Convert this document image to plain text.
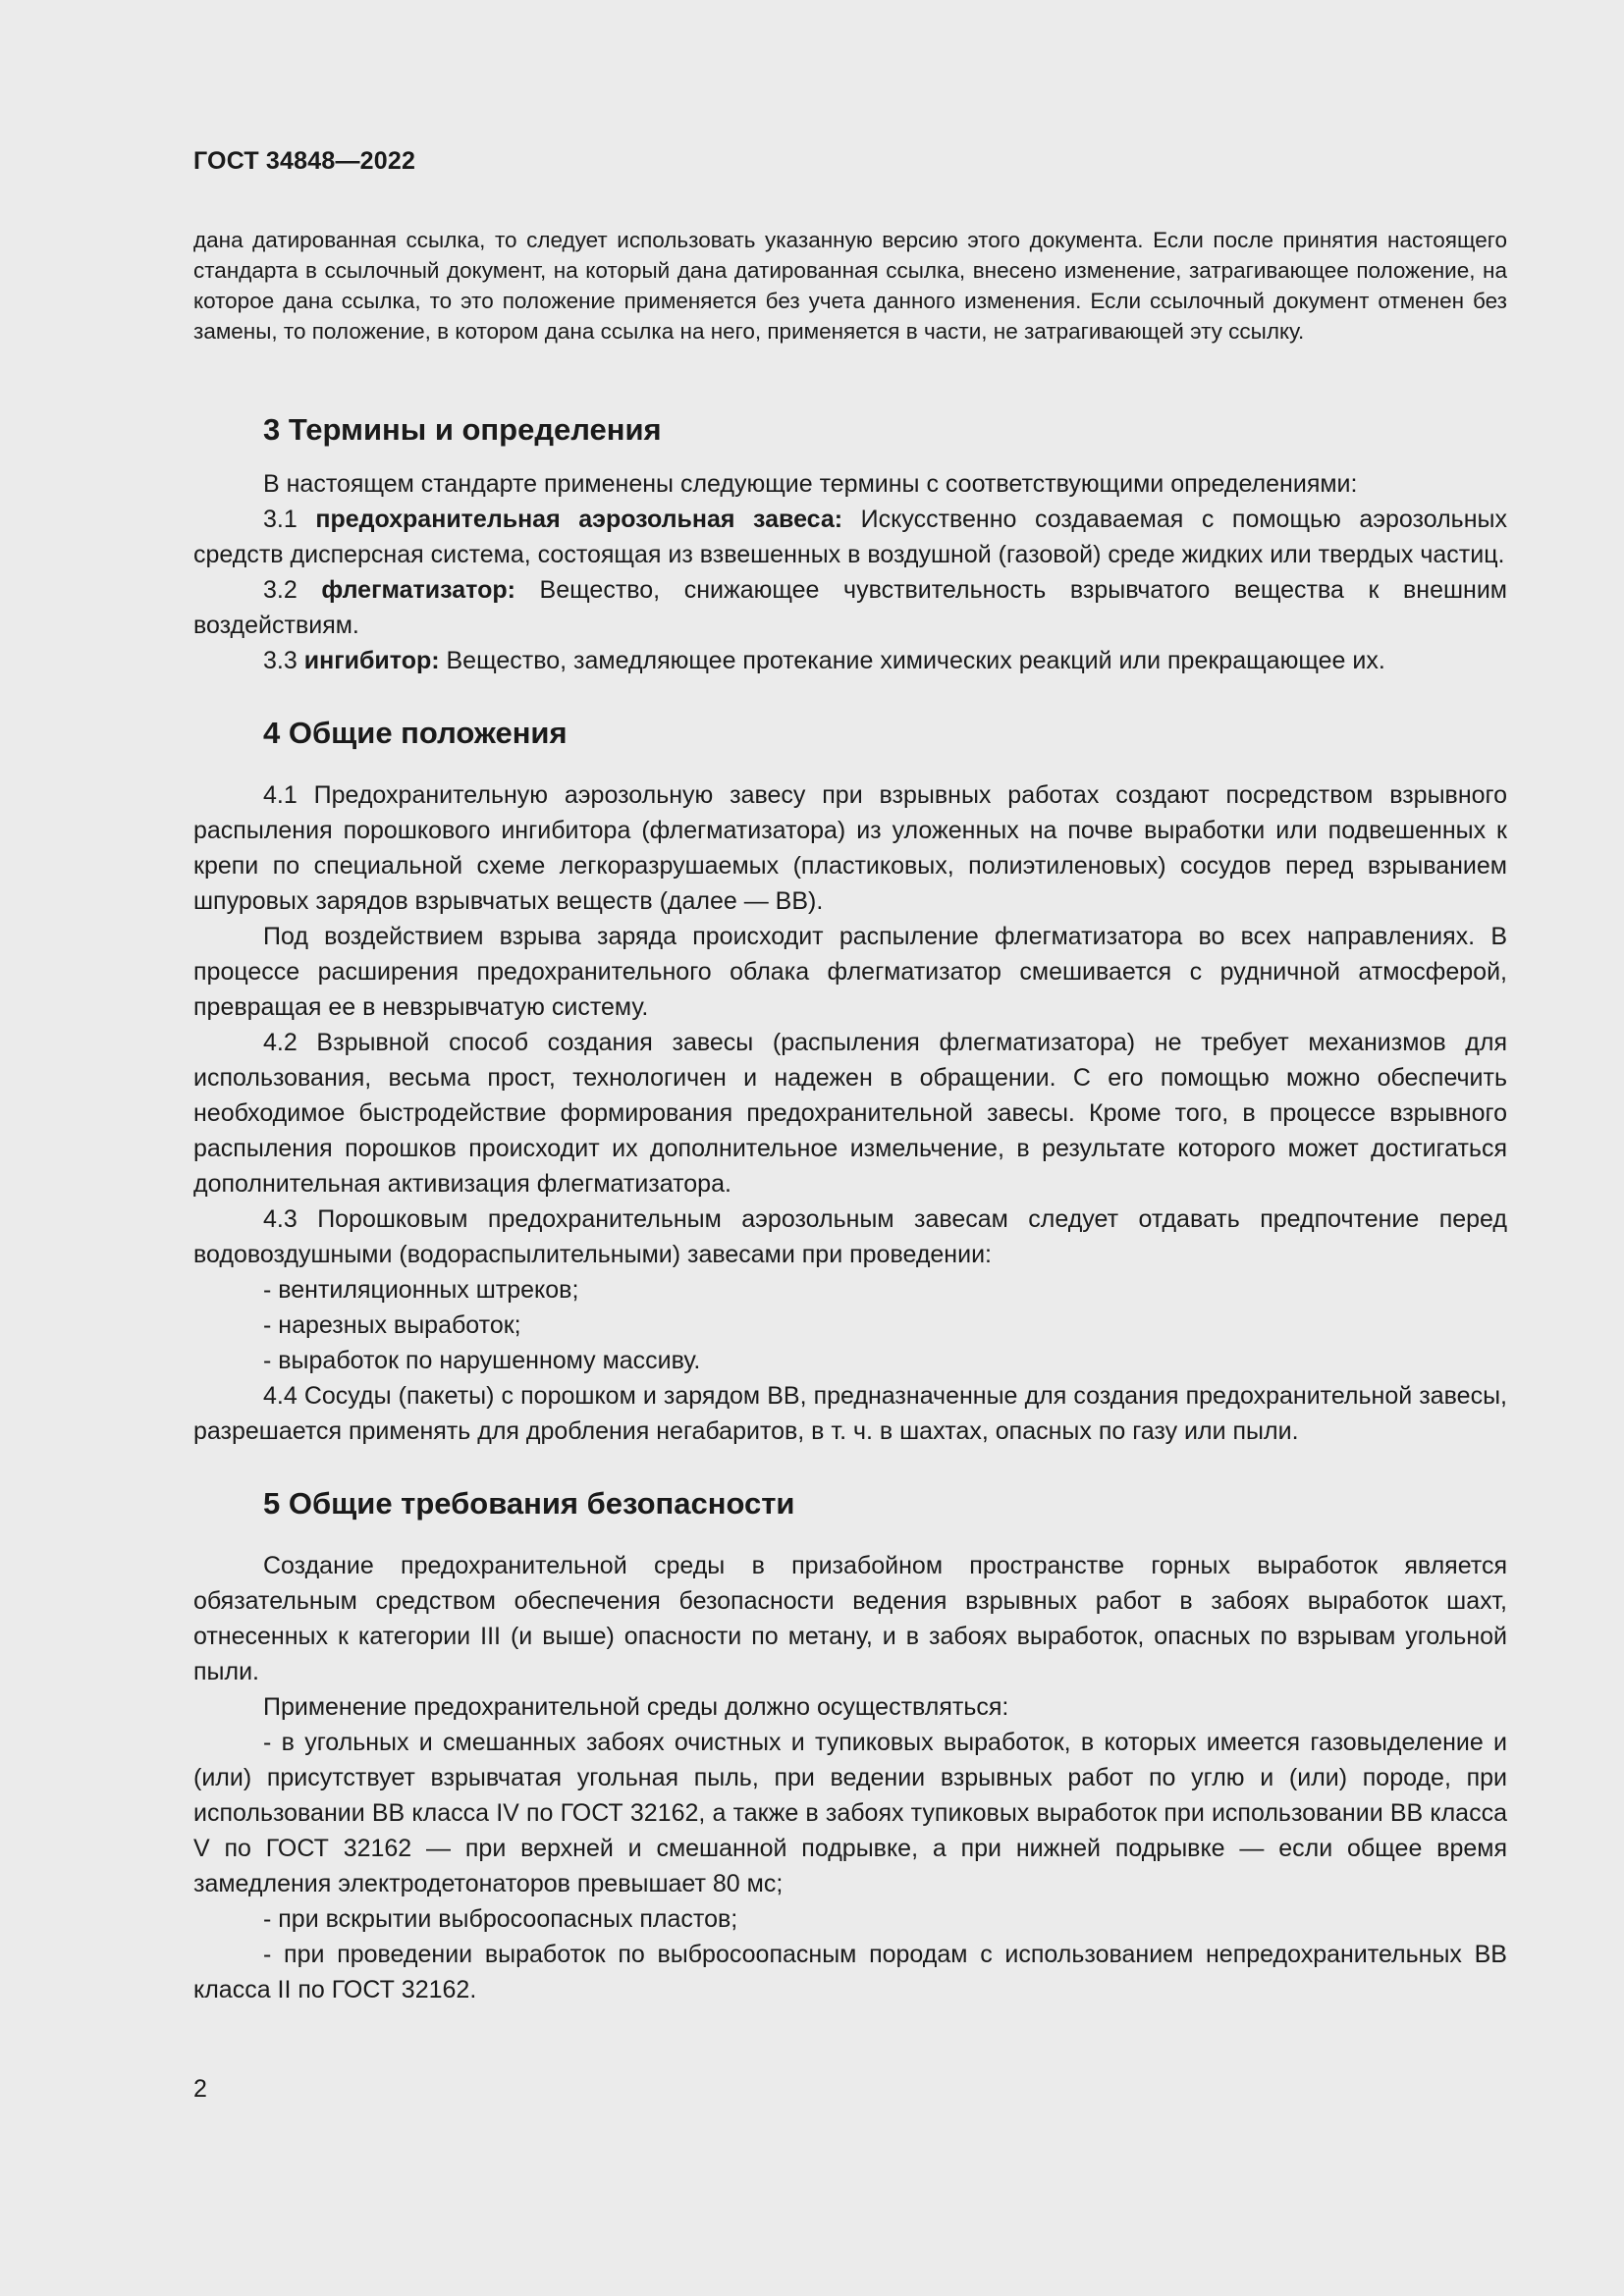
ГОСТ 34848—2022
дана датированная ссылка, то следует использовать указанную версию этого документа. Если после принятия настоящего стандарта в ссылочный документ, на который дана датированная ссылка, внесено изменение, затрагивающее положение, на которое дана ссылка, то это положение применяется без учета данного изменения. Если ссылочный документ отменен без замены, то положение, в котором дана ссылка на него, применяется в части, не затрагивающей эту ссылку.
3 Термины и определения

В настоящем стандарте применены следующие термины с соответствующими определениями:

3.1 предохранительная аэрозольная завеса: Искусственно создаваемая с помощью аэрозольных средств дисперсная система, состоящая из взвешенных в воздушной (газовой) среде жидких или твердых частиц.

3.2 флегматизатор: Вещество, снижающее чувствительность взрывчатого вещества к внешним воздействиям.

3.3 ингибитор: Вещество, замедляющее протекание химических реакций или прекращающее их.

4 Общие положения

4.1 Предохранительную аэрозольную завесу при взрывных работах создают посредством взрывного распыления порошкового ингибитора (флегматизатора) из уложенных на почве выработки или подвешенных к крепи по специальной схеме легкоразрушаемых (пластиковых, полиэтиленовых) сосудов перед взрыванием шпуровых зарядов взрывчатых веществ (далее — ВВ).

Под воздействием взрыва заряда происходит распыление флегматизатора во всех направлениях. В процессе расширения предохранительного облака флегматизатор смешивается с рудничной атмосферой, превращая ее в невзрывчатую систему.

4.2 Взрывной способ создания завесы (распыления флегматизатора) не требует механизмов для использования, весьма прост, технологичен и надежен в обращении. С его помощью можно обеспечить необходимое быстродействие формирования предохранительной завесы. Кроме того, в процессе взрывного распыления порошков происходит их дополнительное измельчение, в результате которого может достигаться дополнительная активизация флегматизатора.

4.3 Порошковым предохранительным аэрозольным завесам следует отдавать предпочтение перед водовоздушными (водораспылительными) завесами при проведении:

- вентиляционных штреков;

- нарезных выработок;

- выработок по нарушенному массиву.

4.4 Сосуды (пакеты) с порошком и зарядом ВВ, предназначенные для создания предохранительной завесы, разрешается применять для дробления негабаритов, в т. ч. в шахтах, опасных по газу или пыли.

5 Общие требования безопасности

Создание предохранительной среды в призабойном пространстве горных выработок является обязательным средством обеспечения безопасности ведения взрывных работ в забоях выработок шахт, отнесенных к категории III (и выше) опасности по метану, и в забоях выработок, опасных по взрывам угольной пыли.

Применение предохранительной среды должно осуществляться:

- в угольных и смешанных забоях очистных и тупиковых выработок, в которых имеется газовыделение и (или) присутствует взрывчатая угольная пыль, при ведении взрывных работ по углю и (или) породе, при использовании ВВ класса IV по ГОСТ 32162, а также в забоях тупиковых выработок при использовании ВВ класса V по ГОСТ 32162 — при верхней и смешанной подрывке, а при нижней подрывке — если общее время замедления электродетонаторов превышает 80 мс;

- при вскрытии выбросоопасных пластов;

- при проведении выработок по выбросоопасным породам с использованием непредохранительных ВВ класса II по ГОСТ 32162.

2
